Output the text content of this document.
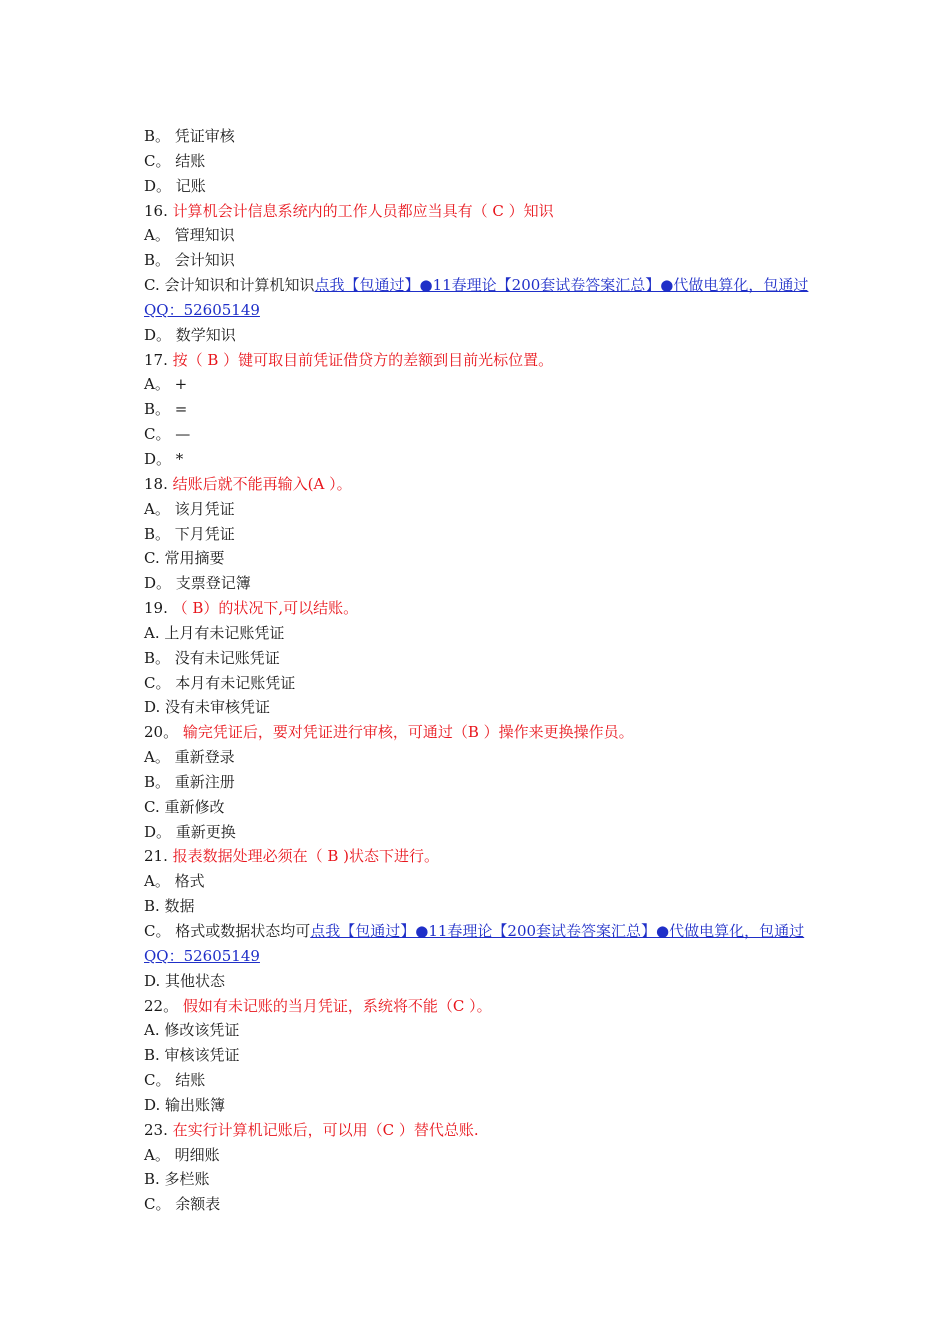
B。 凭证审核
C。 结账
D。 记账
16. 计算机会计信息系统内的工作人员都应当具有（ C ）知识
A。 管理知识
B。 会计知识
C. 会计知识和计算机知识点我【包通过】●11春理论【200套试卷答案汇总】●代做电算化，包通过QQ：52605149
D。 数学知识
17. 按（ B ）键可取目前凭证借贷方的差额到目前光标位置。
A。 +
B。 =
C。 —
D。 *
18. 结账后就不能再输入(A ）。
A。 该月凭证
B。 下月凭证
C. 常用摘要
D。 支票登记簿
19. （ B）的状况下,可以结账。
A. 上月有未记账凭证
B。 没有未记账凭证
C。 本月有未记账凭证
D. 没有未审核凭证
20。 输完凭证后，要对凭证进行审核，可通过（B ）操作来更换操作员。
A。 重新登录
B。 重新注册
C. 重新修改
D。 重新更换
21. 报表数据处理必须在（ B )状态下进行。
A。 格式
B. 数据
C。 格式或数据状态均可点我【包通过】●11春理论【200套试卷答案汇总】●代做电算化，包通过QQ：52605149
D. 其他状态
22。 假如有未记账的当月凭证，系统将不能（C ）。
A. 修改该凭证
B. 审核该凭证
C。 结账
D. 输出账簿
23. 在实行计算机记账后，可以用（C ）替代总账.
A。 明细账
B. 多栏账
C。 余额表
